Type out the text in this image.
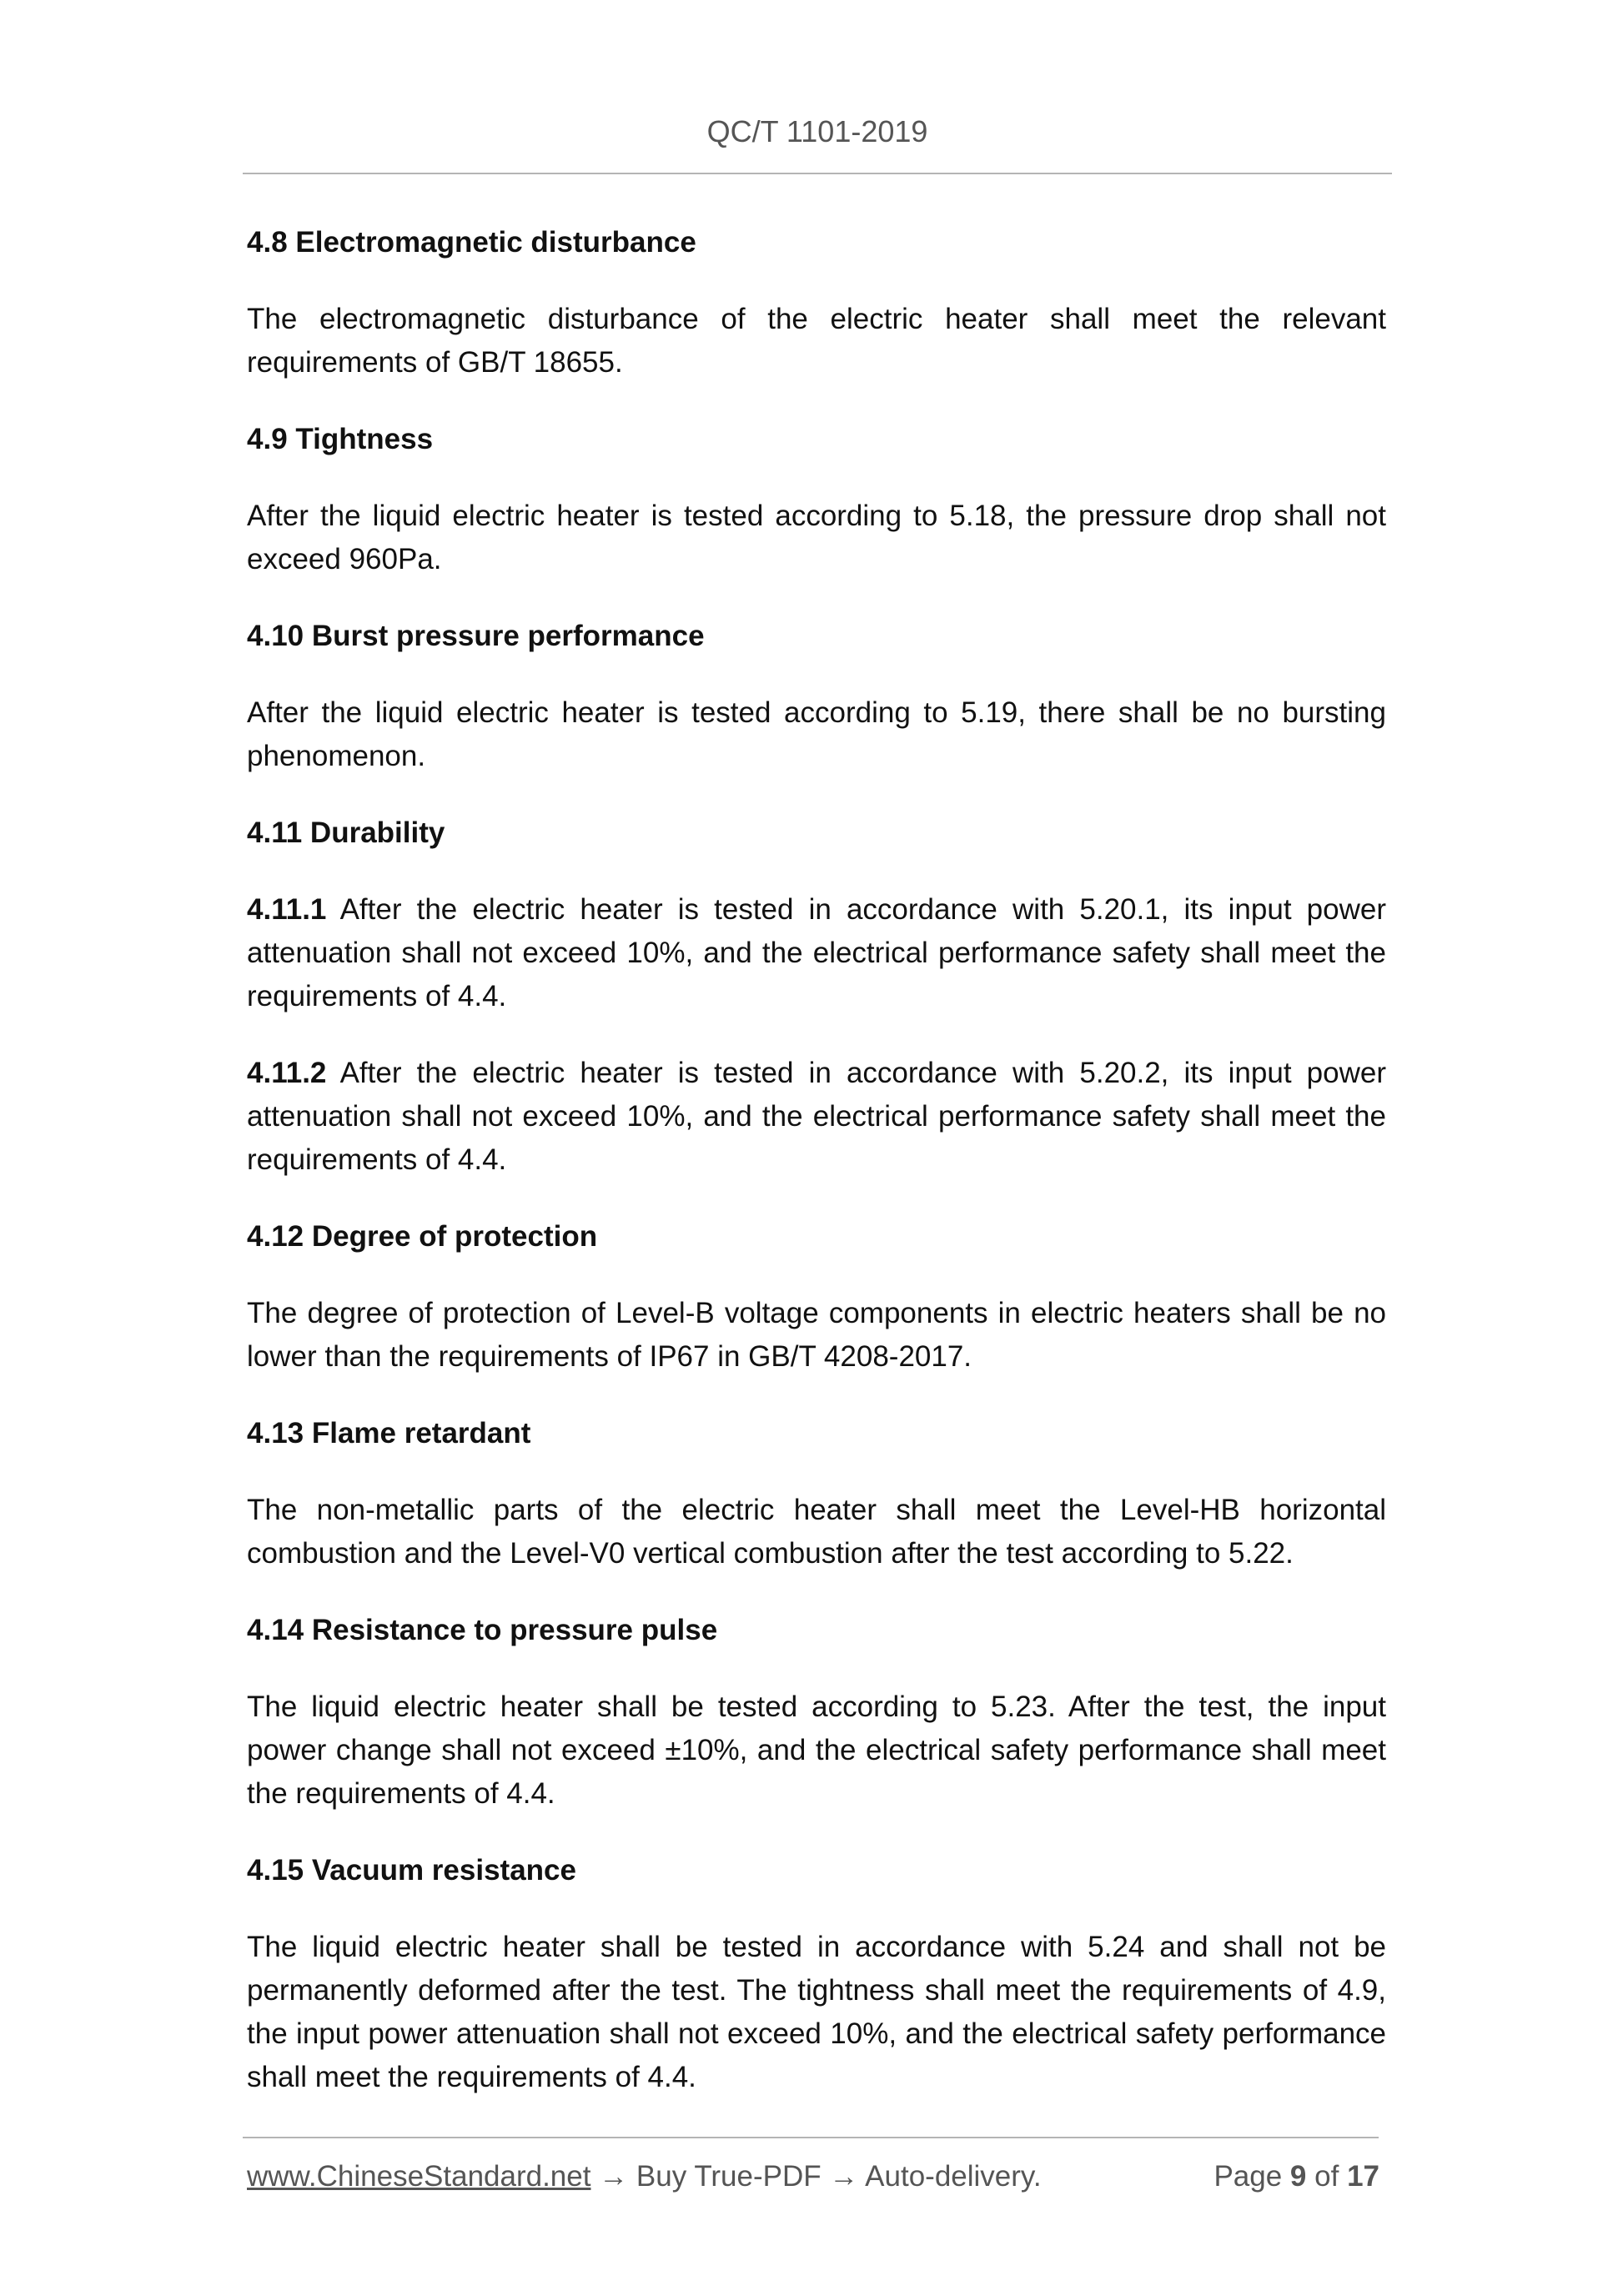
QC/T 1101-2019
4.8 Electromagnetic disturbance

The electromagnetic disturbance of the electric heater shall meet the relevant requirements of GB/T 18655.

4.9 Tightness

After the liquid electric heater is tested according to 5.18, the pressure drop shall not exceed 960Pa.

4.10 Burst pressure performance

After the liquid electric heater is tested according to 5.19, there shall be no bursting phenomenon.

4.11 Durability

4.11.1 After the electric heater is tested in accordance with 5.20.1, its input power attenuation shall not exceed 10%, and the electrical performance safety shall meet the requirements of 4.4.

4.11.2 After the electric heater is tested in accordance with 5.20.2, its input power attenuation shall not exceed 10%, and the electrical performance safety shall meet the requirements of 4.4.

4.12 Degree of protection

The degree of protection of Level-B voltage components in electric heaters shall be no lower than the requirements of IP67 in GB/T 4208-2017.

4.13 Flame retardant

The non-metallic parts of the electric heater shall meet the Level-HB horizontal combustion and the Level-V0 vertical combustion after the test according to 5.22.

4.14 Resistance to pressure pulse

The liquid electric heater shall be tested according to 5.23. After the test, the input power change shall not exceed ±10%, and the electrical safety performance shall meet the requirements of 4.4.

4.15 Vacuum resistance

The liquid electric heater shall be tested in accordance with 5.24 and shall not be permanently deformed after the test. The tightness shall meet the requirements of 4.9, the input power attenuation shall not exceed 10%, and the electrical safety performance shall meet the requirements of 4.4.

www.ChineseStandard.net → Buy True-PDF → Auto-delivery.	Page 9 of 17
